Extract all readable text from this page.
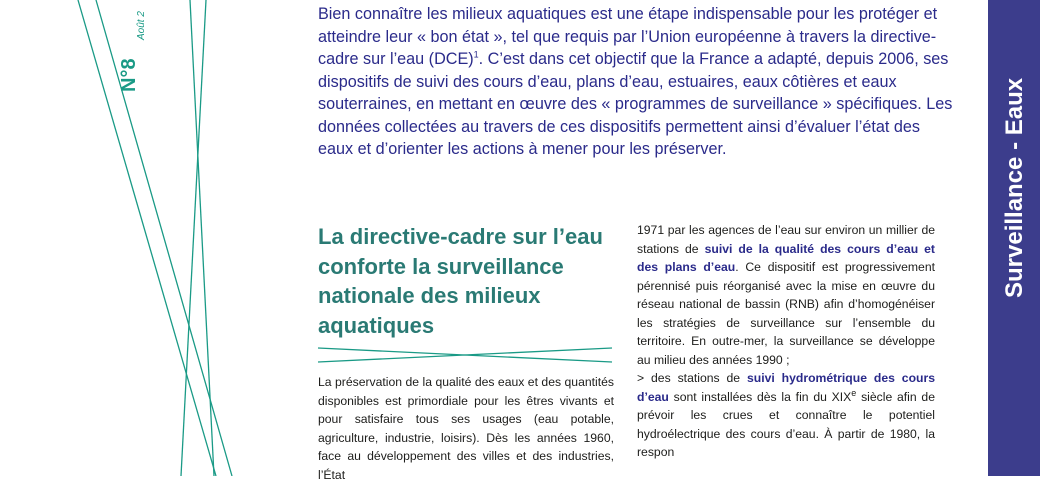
N°8
Août 2	Bien connaître les milieux aquatiques est une étape indispensable pour les protéger et atteindre leur « bon état », tel que requis par l’Union européenne à travers la directive-cadre sur l’eau (DCE)$^1$. C’est dans cet objectif que la France a adapté, depuis 2006, ses dispositifs de suivi des cours d’eau, plans d’eau, estuaires, eaux côtières et eaux souterraines, en mettant en œuvre des « programmes de surveillance » spécifiques. Les données collectées au travers de ces dispositifs permettent ainsi d’évaluer l’état des eaux et d’orienter les actions à mener pour les préserver.	Surveillance - Eaux
La directive-cadre sur l’eau conforte la surveillance nationale des milieux aquatiques

La préservation de la qualité des eaux et des quantités disponibles est primordiale pour les êtres vivants et pour satisfaire tous ses usages (eau potable, agriculture, industrie, loisirs). Dès les années 1960, face au développement des villes et des industries, l’État

1971 par les agences de l’eau sur environ un millier de stations de suivi de la qualité des cours d’eau et des plans d’eau. Ce dispositif est progressivement pérennisé puis réorganisé avec la mise en œuvre du réseau national de bassin (RNB) afin d’homogénéiser les stratégies de surveillance sur l’ensemble du territoire. En outre-mer, la surveillance se développe au milieu des années 1990 ;

> des stations de suivi hydrométrique des cours d’eau sont installées dès la fin du XIXe siècle afin de prévoir les crues et connaître le potentiel hydroélectrique des cours d’eau. À partir de 1980, la respon
